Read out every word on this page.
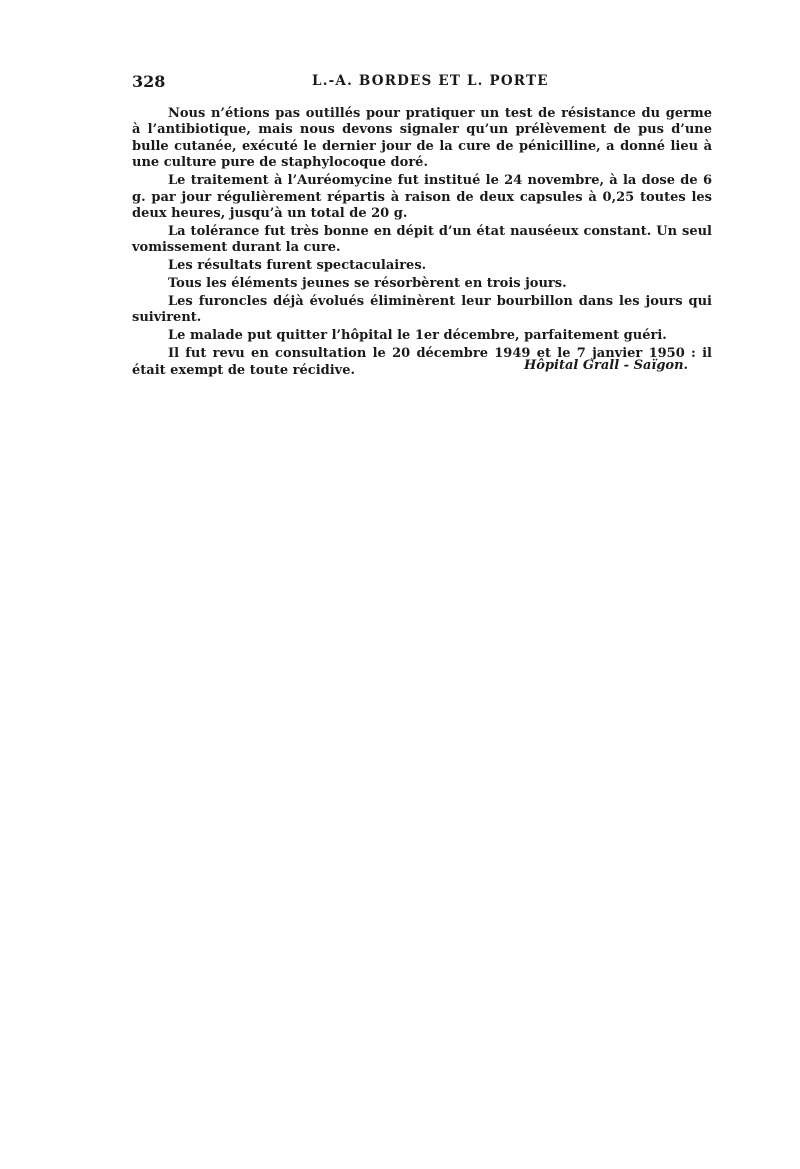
328	L.-A. BORDES ET L. PORTE

Nous n’étions pas outillés pour pratiquer un test de résistance du germe à l’antibiotique, mais nous devons signaler qu’un prélèvement de pus d’une bulle cutanée, exécuté le dernier jour de la cure de pénicilline, a donné lieu à une culture pure de staphylocoque doré.

Le traitement à l’Auréomycine fut institué le 24 novembre, à la dose de 6 g. par jour régulièrement répartis à raison de deux capsules à 0,25 toutes les deux heures, jusqu’à un total de 20 g.

La tolérance fut très bonne en dépit d’un état nauséeux constant. Un seul vomissement durant la cure.

Les résultats furent spectaculaires.

Tous les éléments jeunes se résorbèrent en trois jours.

Les furoncles déjà évolués éliminèrent leur bourbillon dans les jours qui suivirent.

Le malade put quitter l’hôpital le 1er décembre, parfaitement guéri.

Il fut revu en consultation le 20 décembre 1949 et le 7 janvier 1950 : il était exempt de toute récidive.	Hôpital Grall - Saïgon.
